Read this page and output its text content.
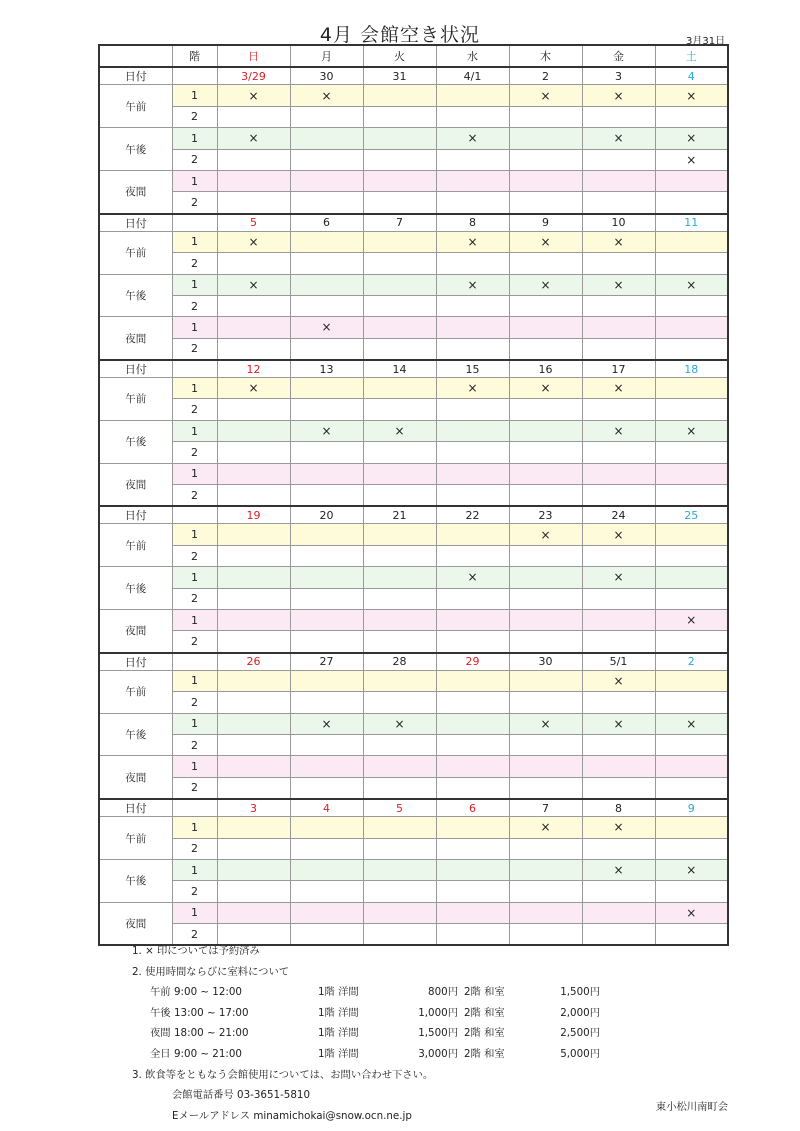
4月 会館空き状況	3月31日
	階	日	月	火	水	木	金	土
日付		3/29	30	31	4/1	2	3	4
午前	1	×	×			×	×	×
	2							
午後	1	×			×		×	×
	2							×
夜間	1							
	2							
日付		5	6	7	8	9	10	11
午前	1	×			×	×	×	
	2							
午後	1	×			×	×	×	×
	2							
夜間	1		×					
	2							
日付		12	13	14	15	16	17	18
午前	1	×			×	×	×	
	2							
午後	1		×	×			×	×
	2							
夜間	1							
	2							
日付		19	20	21	22	23	24	25
午前	1					×	×	
	2							
午後	1				×		×	
	2							
夜間	1							×
	2							
日付		26	27	28	29	30	5/1	2
午前	1						×	
	2							
午後	1		×	×		×	×	×
	2							
夜間	1							
	2							
日付		3	4	5	6	7	8	9
午前	1					×	×	
	2							
午後	1						×	×
	2							
夜間	1							×
	2							
1. × 印については予約済み
2. 使用時間ならびに室料について
午前 9:00 ~ 12:00	1階 洋間	800円 2階 和室	1,500円
午後 13:00 ~ 17:00	1階 洋間	1,000円 2階 和室	2,000円
夜間 18:00 ~ 21:00	1階 洋間	1,500円 2階 和室	2,500円
全日 9:00 ~ 21:00	1階 洋間	3,000円 2階 和室	5,000円
3. 飲食等をともなう会館使用については、お問い合わせ下さい。
会館電話番号 03-3651-5810
Eメールアドレス minamichokai@snow.ocn.ne.jp
東小松川南町会
